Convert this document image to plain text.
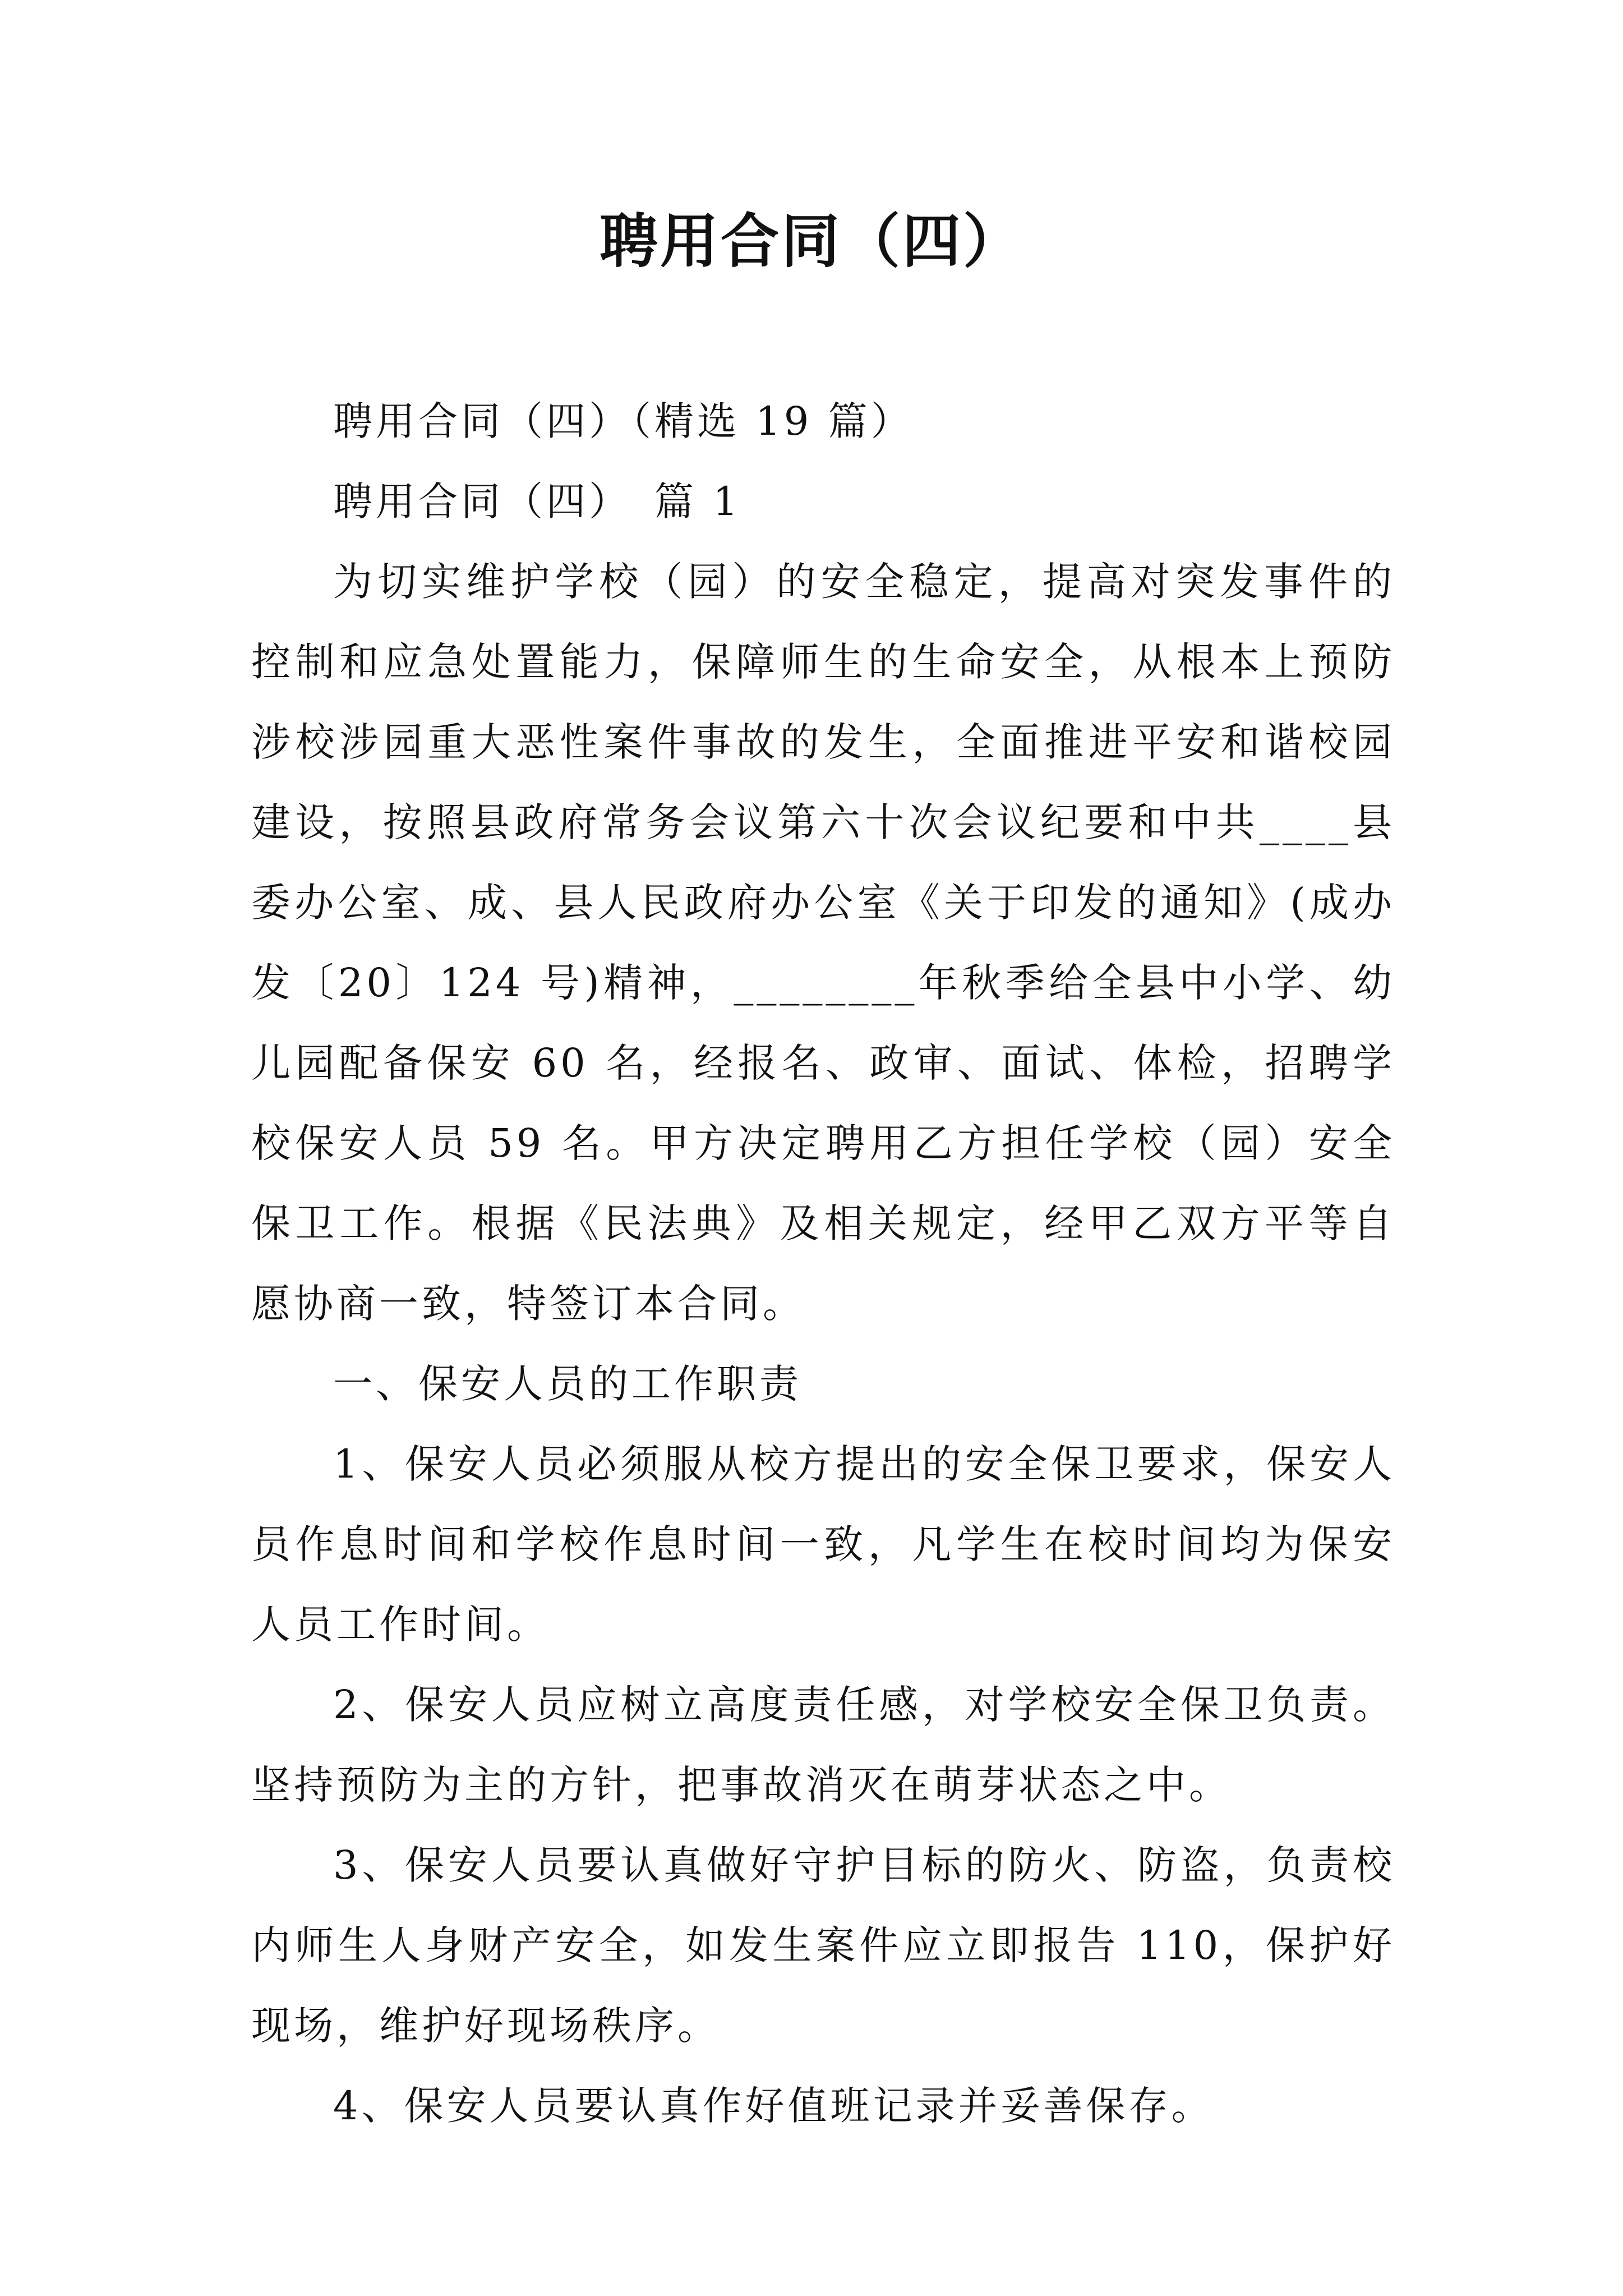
聘用合同（四）

聘用合同（四）（精选 19 篇）

聘用合同（四）　篇 1

为切实维护学校（园）的安全稳定，提高对突发事件的控制和应急处置能力，保障师生的生命安全，从根本上预防涉校涉园重大恶性案件事故的发生，全面推进平安和谐校园建设，按照县政府常务会议第六十次会议纪要和中共____县委办公室、成、县人民政府办公室《关于印发的通知》(成办发〔20〕124 号)精神，________年秋季给全县中小学、幼儿园配备保安 60 名，经报名、政审、面试、体检，招聘学校保安人员 59 名。甲方决定聘用乙方担任学校（园）安全保卫工作。根据《民法典》及相关规定，经甲乙双方平等自愿协商一致，特签订本合同。

一、保安人员的工作职责

1、保安人员必须服从校方提出的安全保卫要求，保安人员作息时间和学校作息时间一致，凡学生在校时间均为保安人员工作时间。

2、保安人员应树立高度责任感，对学校安全保卫负责。坚持预防为主的方针，把事故消灭在萌芽状态之中。

3、保安人员要认真做好守护目标的防火、防盗，负责校内师生人身财产安全，如发生案件应立即报告 110，保护好现场，维护好现场秩序。

4、保安人员要认真作好值班记录并妥善保存。
